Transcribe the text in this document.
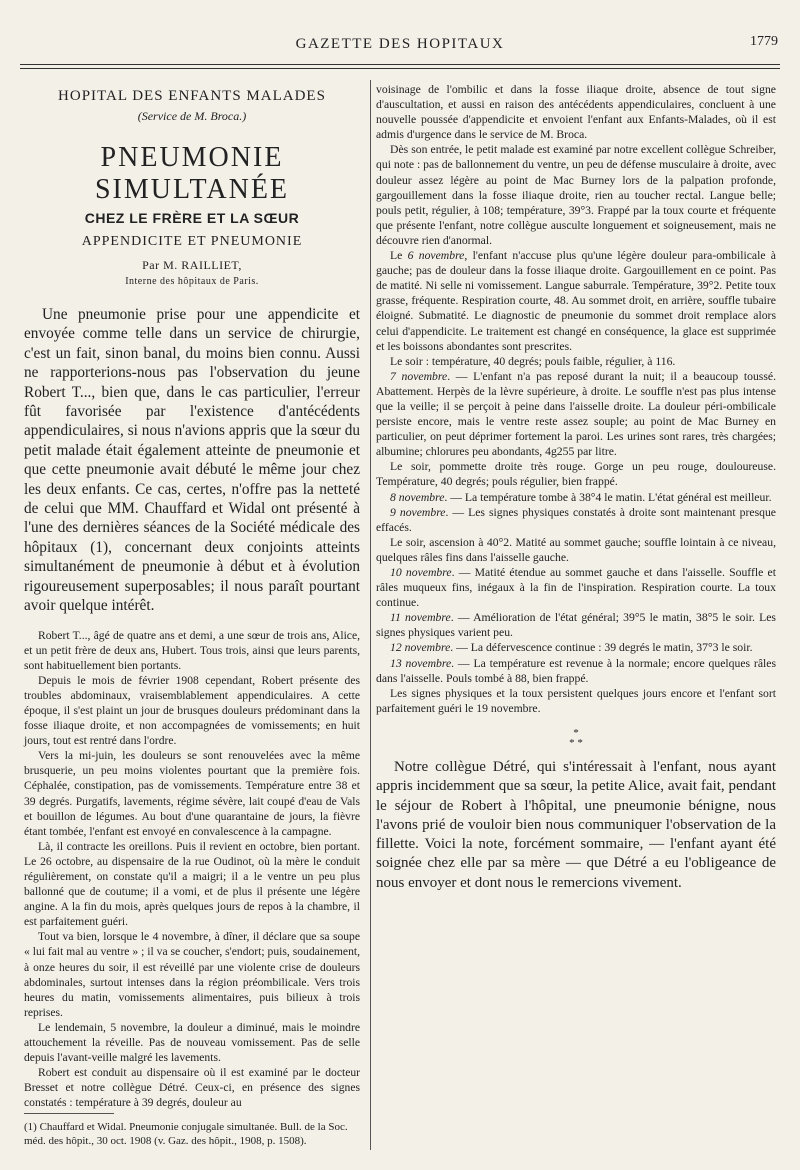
GAZETTE DES HOPITAUX	1779
HOPITAL DES ENFANTS MALADES
(Service de M. Broca.)
PNEUMONIE SIMULTANÉE
CHEZ LE FRÈRE ET LA SŒUR
APPENDICITE ET PNEUMONIE
Par M. RAILLIET,
Interne des hôpitaux de Paris.

Une pneumonie prise pour une appendicite et envoyée comme telle dans un service de chirurgie, c'est un fait, sinon banal, du moins bien connu. Aussi ne rapporterions-nous pas l'observation du jeune Robert T..., bien que, dans le cas particulier, l'erreur fût favorisée par l'existence d'antécédents appendiculaires, si nous n'avions appris que la sœur du petit malade était également atteinte de pneumonie et que cette pneumonie avait débuté le même jour chez les deux enfants. Ce cas, certes, n'offre pas la netteté de celui que MM. Chauffard et Widal ont présenté à l'une des dernières séances de la Société médicale des hôpitaux (1), concernant deux conjoints atteints simultanément de pneumonie à début et à évolution rigoureusement superposables; il nous paraît pourtant avoir quelque intérêt.

Robert T..., âgé de quatre ans et demi, a une sœur de trois ans, Alice, et un petit frère de deux ans, Hubert. Tous trois, ainsi que leurs parents, sont habituellement bien portants.

Depuis le mois de février 1908 cependant, Robert présente des troubles abdominaux, vraisemblablement appendiculaires. A cette époque, il s'est plaint un jour de brusques douleurs prédominant dans la fosse iliaque droite, et non accompagnées de vomissements; en huit jours, tout est rentré dans l'ordre.

Vers la mi-juin, les douleurs se sont renouvelées avec la même brusquerie, un peu moins violentes pourtant que la première fois. Céphalée, constipation, pas de vomissements. Température entre 38 et 39 degrés. Purgatifs, lavements, régime sévère, lait coupé d'eau de Vals et bouillon de légumes. Au bout d'une quarantaine de jours, la fièvre étant tombée, l'enfant est envoyé en convalescence à la campagne.

Là, il contracte les oreillons. Puis il revient en octobre, bien portant. Le 26 octobre, au dispensaire de la rue Oudinot, où la mère le conduit régulièrement, on constate qu'il a maigri; il a le ventre un peu plus ballonné que de coutume; il a vomi, et de plus il présente une légère angine. A la fin du mois, après quelques jours de repos à la chambre, il est parfaitement guéri.

Tout va bien, lorsque le 4 novembre, à dîner, il déclare que sa soupe « lui fait mal au ventre » ; il va se coucher, s'endort; puis, soudainement, à onze heures du soir, il est réveillé par une violente crise de douleurs abdominales, surtout intenses dans la région préombilicale. Vers trois heures du matin, vomissements alimentaires, puis bilieux à trois reprises.

Le lendemain, 5 novembre, la douleur a diminué, mais le moindre attouchement la réveille. Pas de nouveau vomissement. Pas de selle depuis l'avant-veille malgré les lavements.

Robert est conduit au dispensaire où il est examiné par le docteur Bresset et notre collègue Détré. Ceux-ci, en présence des signes constatés : température à 39 degrés, douleur au

(1) Chauffard et Widal. Pneumonie conjugale simultanée. Bull. de la Soc. méd. des hôpit., 30 oct. 1908 (v. Gaz. des hôpit., 1908, p. 1508).

voisinage de l'ombilic et dans la fosse iliaque droite, absence de tout signe d'auscultation, et aussi en raison des antécédents appendiculaires, concluent à une nouvelle poussée d'appendicite et envoient l'enfant aux Enfants-Malades, où il est admis d'urgence dans le service de M. Broca.

Dès son entrée, le petit malade est examiné par notre excellent collègue Schreiber, qui note : pas de ballonnement du ventre, un peu de défense musculaire à droite, avec douleur assez légère au point de Mac Burney lors de la palpation profonde, gargouillement dans la fosse iliaque droite, rien au toucher rectal. Langue belle; pouls petit, régulier, à 108; température, 39°3. Frappé par la toux courte et fréquente que présente l'enfant, notre collègue ausculte longuement et soigneusement, mais ne découvre rien d'anormal.

Le 6 novembre, l'enfant n'accuse plus qu'une légère douleur para-ombilicale à gauche; pas de douleur dans la fosse iliaque droite. Gargouillement en ce point. Pas de matité. Ni selle ni vomissement. Langue saburrale. Température, 39°2. Petite toux grasse, fréquente. Respiration courte, 48. Au sommet droit, en arrière, souffle tubaire éloigné. Submatité. Le diagnostic de pneumonie du sommet droit remplace alors celui d'appendicite. Le traitement est changé en conséquence, la glace est supprimée et les boissons abondantes sont prescrites.

Le soir : température, 40 degrés; pouls faible, régulier, à 116.

7 novembre. — L'enfant n'a pas reposé durant la nuit; il a beaucoup toussé. Abattement. Herpès de la lèvre supérieure, à droite. Le souffle n'est pas plus intense que la veille; il se perçoit à peine dans l'aisselle droite. La douleur péri-ombilicale persiste encore, mais le ventre reste assez souple; au point de Mac Burney en particulier, on peut déprimer fortement la paroi. Les urines sont rares, très chargées; albumine; chlorures peu abondants, 4g255 par litre.

Le soir, pommette droite très rouge. Gorge un peu rouge, douloureuse. Température, 40 degrés; pouls régulier, bien frappé.

8 novembre. — La température tombe à 38°4 le matin. L'état général est meilleur.

9 novembre. — Les signes physiques constatés à droite sont maintenant presque effacés.

Le soir, ascension à 40°2. Matité au sommet gauche; souffle lointain à ce niveau, quelques râles fins dans l'aisselle gauche.

10 novembre. — Matité étendue au sommet gauche et dans l'aisselle. Souffle et râles muqueux fins, inégaux à la fin de l'inspiration. Respiration courte. La toux continue.

11 novembre. — Amélioration de l'état général; 39°5 le matin, 38°5 le soir. Les signes physiques varient peu.

12 novembre. — La défervescence continue : 39 degrés le matin, 37°3 le soir.

13 novembre. — La température est revenue à la normale; encore quelques râles dans l'aisselle. Pouls tombé à 88, bien frappé.

Les signes physiques et la toux persistent quelques jours encore et l'enfant sort parfaitement guéri le 19 novembre.

*
* *

Notre collègue Détré, qui s'intéressait à l'enfant, nous ayant appris incidemment que sa sœur, la petite Alice, avait fait, pendant le séjour de Robert à l'hôpital, une pneumonie bénigne, nous l'avons prié de vouloir bien nous communiquer l'observation de la fillette. Voici la note, forcément sommaire, — l'enfant ayant été soignée chez elle par sa mère — que Détré a eu l'obligeance de nous envoyer et dont nous le remercions vivement.
